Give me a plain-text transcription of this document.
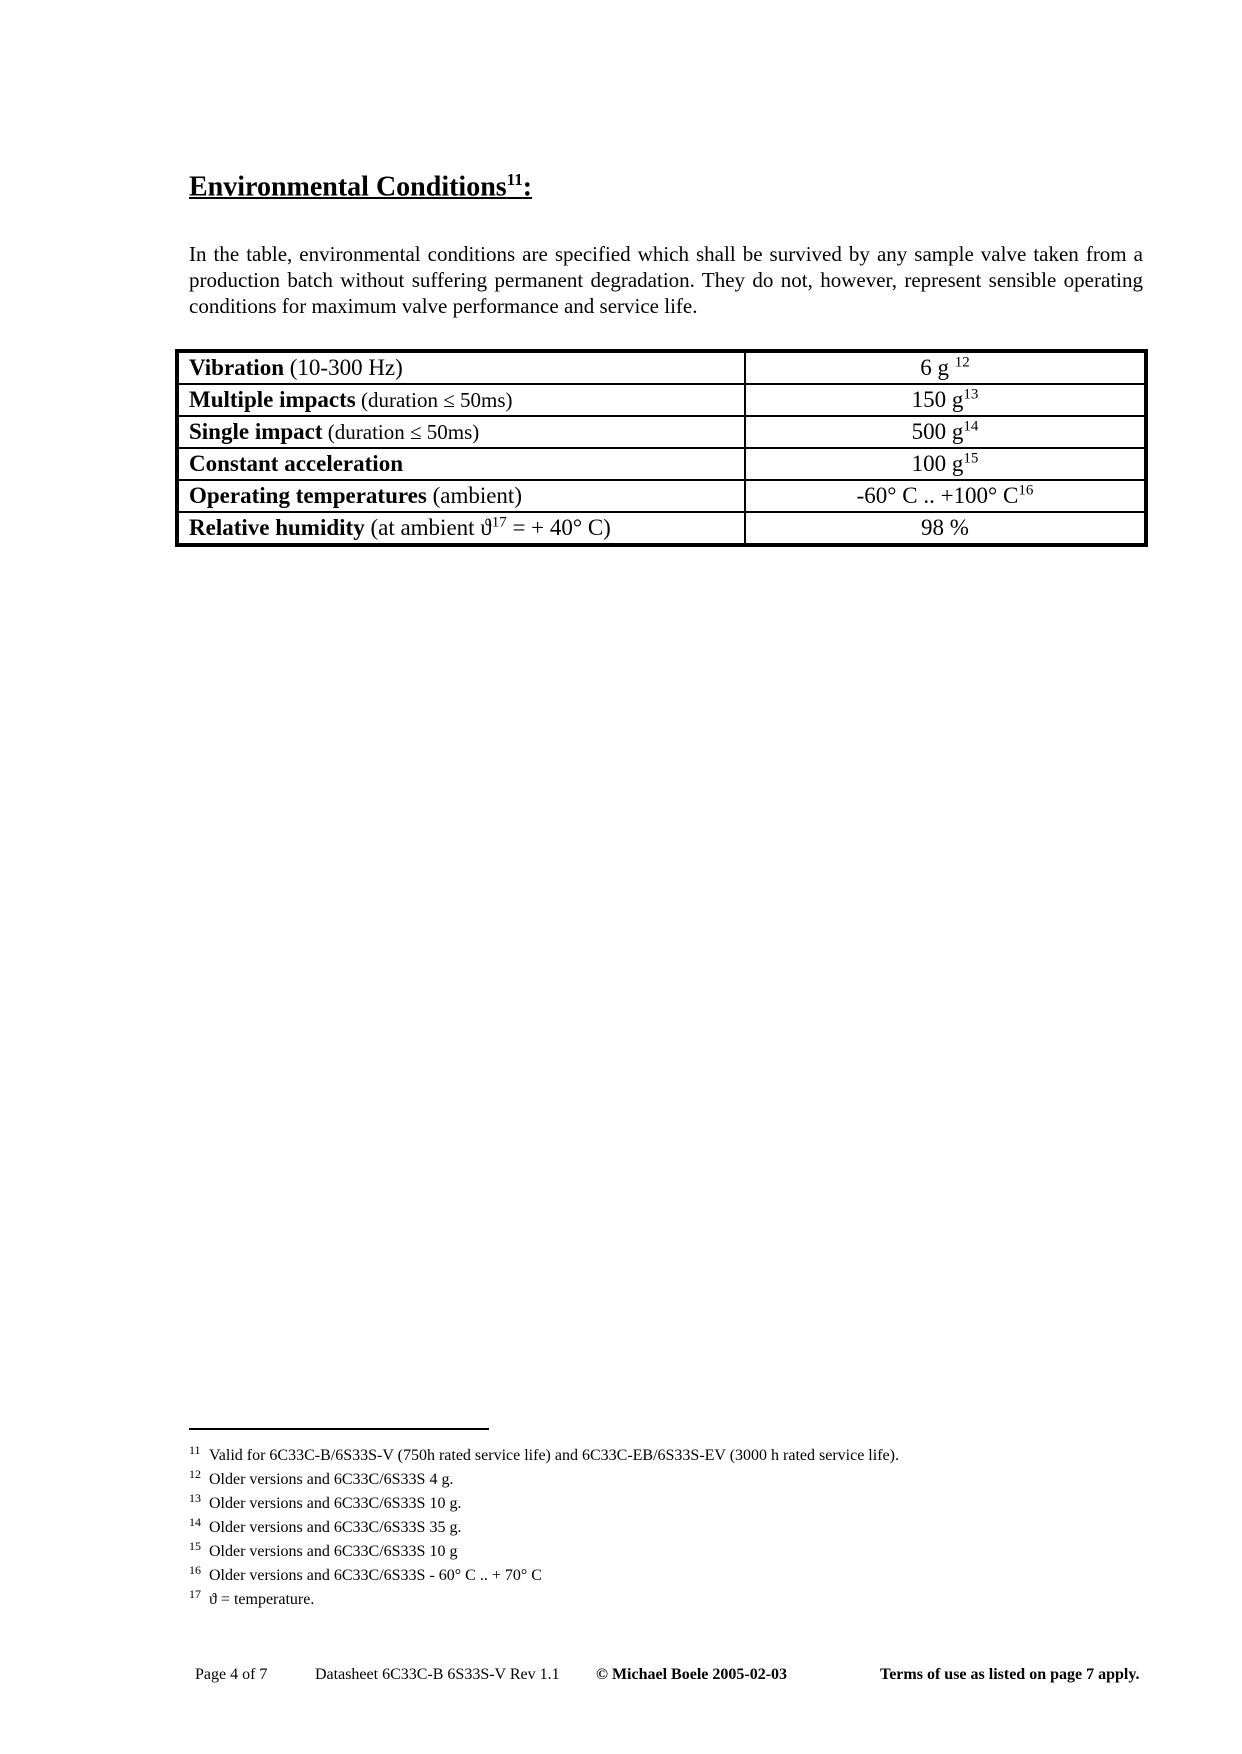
Environmental Conditions$^{11}$:

In the table, environmental conditions are specified which shall be survived by any sample valve taken from a production batch without suffering permanent degradation. They do not, however, represent sensible operating conditions for maximum valve performance and service life.

Vibration (10-300 Hz)	6 g $^{12}$
Multiple impacts (duration ≤ 50ms)	150 $g^{13}$
Single impact (duration ≤ 50ms)	500 $g^{14}$
Constant acceleration	100 $g^{15}$
Operating temperatures (ambient)	-60° C .. +100° $C^{16}$
Relative humidity (at ambient $ϑ^{17}$ = + 40° C)	98 %
$^{11}$ Valid for 6C33C-B/6S33S-V (750h rated service life) and 6C33C-EB/6S33S-EV (3000 h rated service life).
$^{12}$ Older versions and 6C33C/6S33S 4 g.
$^{13}$ Older versions and 6C33C/6S33S 10 g.
$^{14}$ Older versions and 6C33C/6S33S 35 g.
$^{15}$ Older versions and 6C33C/6S33S 10 g
$^{16}$ Older versions and 6C33C/6S33S - 60° C .. + 70° C
$^{17}$ ϑ = temperature.
Page 4 of 7	Datasheet 6C33C-B 6S33S-V Rev 1.1 © Michael Boele 2005-02-03	Terms of use as listed on page 7 apply.
